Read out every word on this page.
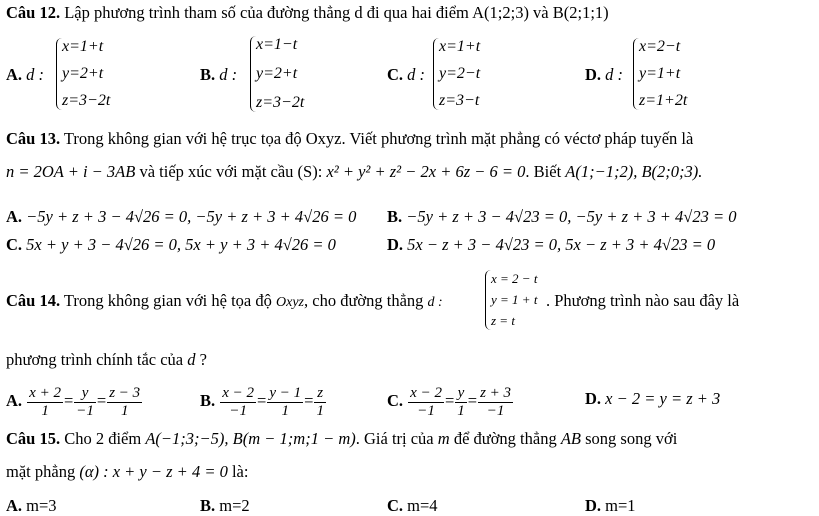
Câu 12. Lập phương trình tham số của đường thẳng d đi qua hai điểm A(1;2;3) và B(2;1;1)
A. d :
x=1+t
y=2+t
z=3−2t
B. d :
x=1−t
y=2+t
z=3−2t
C. d :
x=1+t
y=2−t
z=3−t
D. d :
x=2−t
y=1+t
z=1+2t
Câu 13. Trong không gian với hệ trục tọa độ Oxyz. Viết phương trình mặt phẳng có véctơ pháp tuyến là
n = 2OA + i − 3AB và tiếp xúc với mặt cầu (S): x² + y² + z² − 2x + 6z − 6 = 0. Biết A(1;−1;2), B(2;0;3).
A. −5y + z + 3 − 4√26 = 0, −5y + z + 3 + 4√26 = 0 B. −5y + z + 3 − 4√23 = 0, −5y + z + 3 + 4√23 = 0
C. 5x + y + 3 − 4√26 = 0, 5x + y + 3 + 4√26 = 0	D. 5x − z + 3 − 4√23 = 0, 5x − z + 3 + 4√23 = 0
Câu 14. Trong không gian với hệ tọa độ Oxyz, cho đường thẳng d :
x = 2 − t
y = 1 + t
z = t
. Phương trình nào sau đây là
phương trình chính tắc của d ?
A. $\frac{x + 2}{1} = \frac{y}{-1} = \frac{z - 3}{1}$	B. $\frac{x - 2}{-1} = \frac{y - 1}{1} = \frac{z}{1}$	C. $\frac{x - 2}{-1} = \frac{y}{1} = \frac{z + 3}{-1}$	D. x − 2 = y = z + 3
Câu 15. Cho 2 điểm A(−1;3;−5), B(m − 1;m;1 − m). Giá trị của m để đường thẳng AB song song với
mặt phẳng (α) : x + y − z + 4 = 0 là:
A. m=3	B. m=2	C. m=4	D. m=1
